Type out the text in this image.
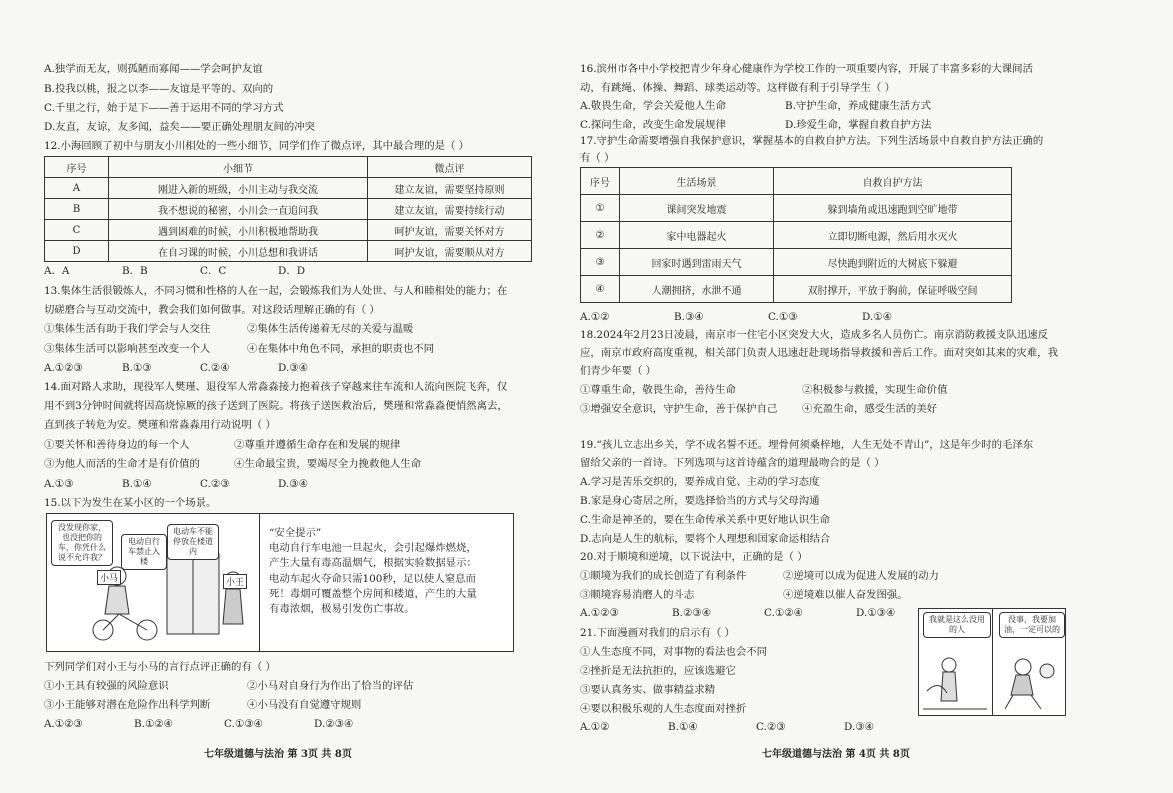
A.独学而无友，则孤陋而寡闻——学会呵护友谊
B.投我以桃，报之以李——友谊是平等的、双向的
C.千里之行，始于足下——善于运用不同的学习方式
D.友直，友谅，友多闻，益矣——要正确处理朋友间的冲突
12.小海回顾了初中与朋友小川相处的一些小细节，同学们作了微点评，其中最合理的是（ ）
序号	小细节	微点评
A	刚进入新的班级，小川主动与我交流	建立友谊，需要坚持原则
B	我不想说的秘密，小川会一直追问我	建立友谊，需要持续行动
C	遇到困难的时候，小川积极地帮助我	呵护友谊，需要关怀对方
D	在自习课的时候，小川总想和我讲话	呵护友谊，需要顺从对方
A．A	B．B	C．C	D．D
13.集体生活很锻炼人，不同习惯和性格的人在一起，会锻炼我们为人处世、与人和睦相处的能力；在
切磋磨合与互动交流中，教会我们如何做事。对这段话理解正确的有（ ）
①集体生活有助于我们学会与人交往	②集体生活传递着无尽的关爱与温暖
③集体生活可以影响甚至改变一个人	④在集体中角色不同，承担的职责也不同
A.①②③	B.①③	C.②④	D.③④
14.面对路人求助，现役军人樊瑾、退役军人常淼淼接力抱着孩子穿越来往车流和人流向医院飞奔，仅
用不到3分钟时间就将因高烧惊厥的孩子送到了医院。将孩子送医救治后，樊瑾和常淼淼便悄然离去，
直到孩子转危为安。樊瑾和常淼淼用行动说明（ ）
①要关怀和善待身边的每一个人	②尊重并遵循生命存在和发展的规律
③为他人而活的生命才是有价值的	④生命最宝贵，要竭尽全力挽救他人生命
A.①③	B.①④	C.②③	D.③④
15.以下为发生在某小区的一个场景。
没发现你家，也没把你的车，你凭什么说不允许我？
电动自行车禁止入楼
电动车不能停放在楼道内
小马	小王
“安全提示”
电动自行车电池一旦起火，会引起爆炸燃烧，
产生大量有毒高温烟气，根据实验数据显示：
电动车起火夺命只需100秒，足以使人窒息而
死！毒烟可覆盖整个房间和楼道，产生的大量
有毒浓烟，极易引发伤亡事故。
下列同学们对小王与小马的言行点评正确的有（ ）
①小王具有较强的风险意识	②小马对自身行为作出了恰当的评估
③小王能够对潜在危险作出科学判断	④小马没有自觉遵守规则
A.①②③	B.①②④	C.①③④	D.②③④
七年级道德与法治 第 3页 共 8页
16.滨州市各中小学校把青少年身心健康作为学校工作的一项重要内容，开展了丰富多彩的大课间活
动，有跳绳、体操、舞蹈、球类运动等。这样做有利于引导学生（ ）
A.敬畏生命，学会关爱他人生命	B.守护生命，养成健康生活方式
C.探问生命，改变生命发展规律	D.珍爱生命，掌握自救自护方法
17.守护生命需要增强自我保护意识，掌握基本的自救自护方法。下列生活场景中自救自护方法正确的
有（ ）
序号	生活场景	自救自护方法
①	课间突发地震	躲到墙角或迅速跑到空旷地带
②	家中电器起火	立即切断电源，然后用水灭火
③	回家时遇到雷雨天气	尽快跑到附近的大树底下躲避
④	人潮拥挤，水泄不通	双肘撑开，平放于胸前，保证呼吸空间
A.①②	B.③④	C.①③	D.①④
18.2024年2月23日凌晨，南京市一住宅小区突发大火，造成多名人员伤亡。南京消防救援支队迅速反
应，南京市政府高度重视，相关部门负责人迅速赶赴现场指导救援和善后工作。面对突如其来的灾难，我
们青少年要（ ）
①尊重生命，敬畏生命，善待生命	②积极参与救援，实现生命价值
③增强安全意识，守护生命，善于保护自己	④充盈生命，感受生活的美好
19.“孩儿立志出乡关，学不成名誓不还。埋骨何须桑梓地，人生无处不青山”，这是年少时的毛泽东
留给父亲的一首诗。下列选项与这首诗蕴含的道理最吻合的是（ ）
A.学习是苦乐交织的，要养成自觉、主动的学习态度
B.家是身心寄居之所，要选择恰当的方式与父母沟通
C.生命是神圣的，要在生命传承关系中更好地认识生命
D.志向是人生的航标，要将个人理想和国家命运相结合
20.对于顺境和逆境，以下说法中，正确的是（ ）
①顺境为我们的成长创造了有利条件	②逆境可以成为促进人发展的动力
③顺境容易消磨人的斗志	④逆境难以催人奋发图强。
A.①②③	B.②③④	C.①②④	D.①③④
21.下面漫画对我们的启示有（ ）
①人生态度不同，对事物的看法也会不同
②挫折是无法抗拒的，应该选避它
③要认真务实、做事精益求精
④要以积极乐观的人生态度面对挫折
A.①②	B.①④	C.②③	D.③④
我就是这么没用的人
没事，我要加油，一定可以的
七年级道德与法治 第 4页 共 8页
